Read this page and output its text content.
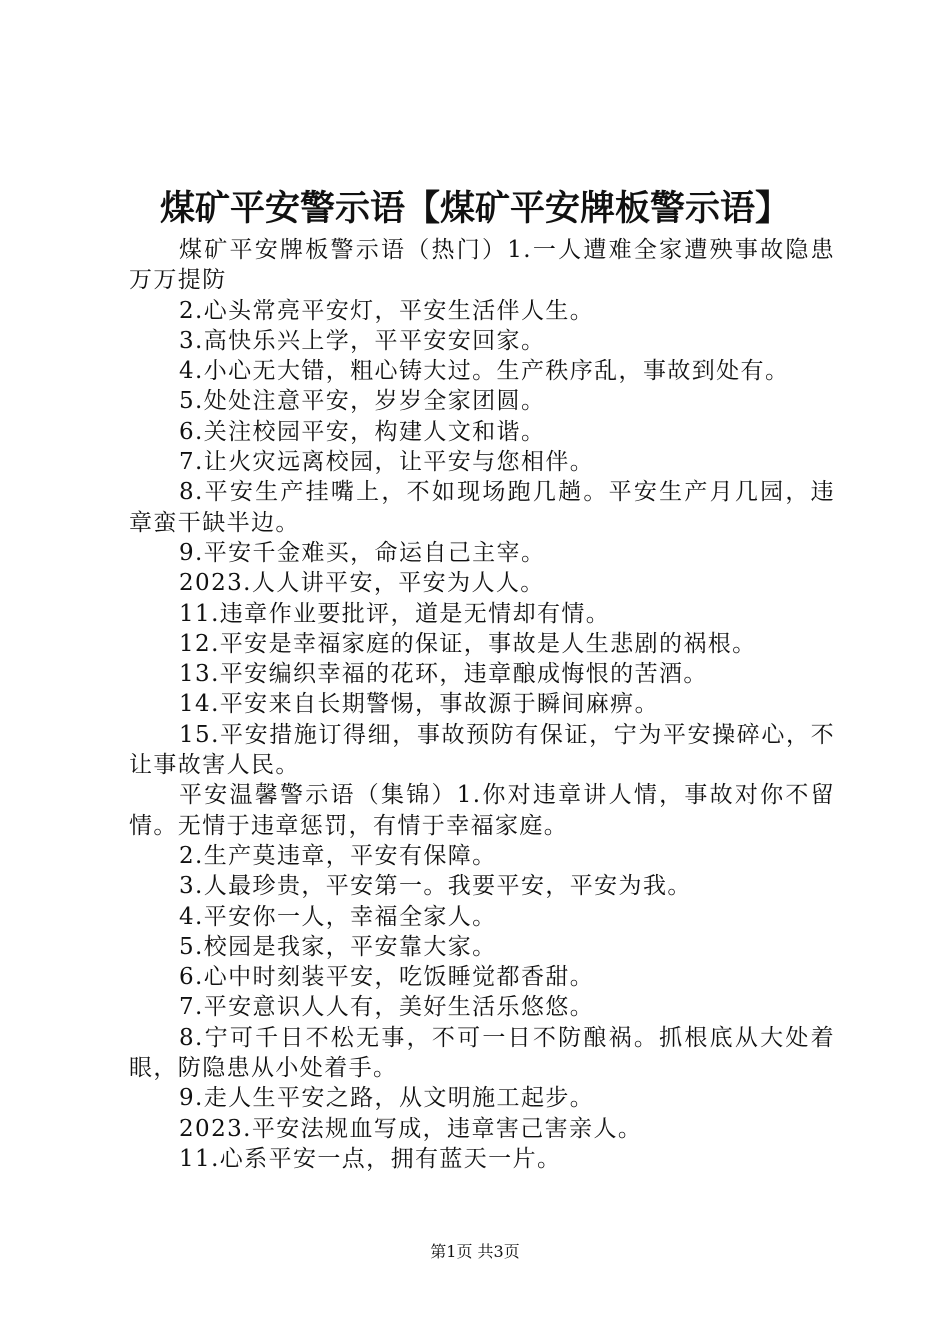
煤矿平安警示语【煤矿平安牌板警示语】

煤矿平安牌板警示语（热门）1.一人遭难全家遭殃事故隐患万万提防

2.心头常亮平安灯，平安生活伴人生。

3.高快乐兴上学，平平安安回家。

4.小心无大错，粗心铸大过。生产秩序乱，事故到处有。

5.处处注意平安，岁岁全家团圆。

6.关注校园平安，构建人文和谐。

7.让火灾远离校园，让平安与您相伴。

8.平安生产挂嘴上，不如现场跑几趟。平安生产月几园，违章蛮干缺半边。

9.平安千金难买，命运自己主宰。

2023.人人讲平安，平安为人人。

11.违章作业要批评，道是无情却有情。

12.平安是幸福家庭的保证，事故是人生悲剧的祸根。

13.平安编织幸福的花环，违章酿成悔恨的苦酒。

14.平安来自长期警惕，事故源于瞬间麻痹。

15.平安措施订得细，事故预防有保证，宁为平安操碎心，不让事故害人民。

平安温馨警示语（集锦）1.你对违章讲人情，事故对你不留情。无情于违章惩罚，有情于幸福家庭。

2.生产莫违章，平安有保障。

3.人最珍贵，平安第一。我要平安，平安为我。

4.平安你一人，幸福全家人。

5.校园是我家，平安靠大家。

6.心中时刻装平安，吃饭睡觉都香甜。

7.平安意识人人有，美好生活乐悠悠。

8.宁可千日不松无事，不可一日不防酿祸。抓根底从大处着眼，防隐患从小处着手。

9.走人生平安之路，从文明施工起步。

2023.平安法规血写成，违章害己害亲人。

11.心系平安一点，拥有蓝天一片。

第1页 共3页
